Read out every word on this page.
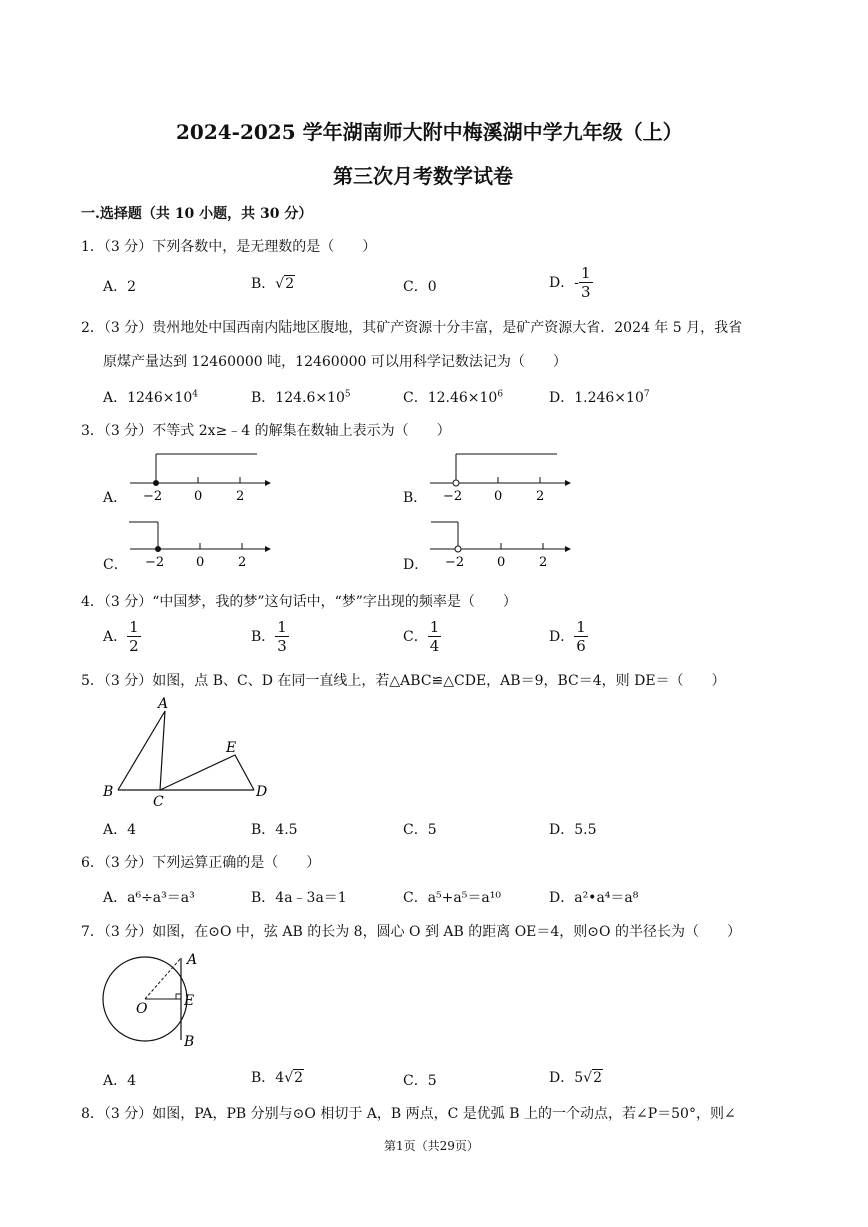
2024-2025 学年湖南师大附中梅溪湖中学九年级（上）
第三次月考数学试卷
一.选择题（共 10 小题，共 30 分）
1．（3 分）下列各数中，是无理数的是（　　）
A．2	B．√2	C．0	D．- $\frac{1}{3}$
2．（3 分）贵州地处中国西南内陆地区腹地，其矿产资源十分丰富，是矿产资源大省．2024 年 5 月，我省
原煤产量达到 12460000 吨，12460000 可以用科学记数法记为（　　）
A．$1246\times 10^4$	B．$124.6\times 10^5$	C．$12.46\times 10^6$	D．$1.246\times 10^7$
3．（3 分）不等式 2x≥﹣4 的解集在数轴上表示为（　　）
A． −2 0	2	B． −2 0	2
C． −2 0	2	D． −2	0	2
4．（3 分）“中国梦，我的梦”这句话中，“梦”字出现的频率是（　　）
A． $\frac{1}{2}$	B． $\frac{1}{3}$	C． $\frac{1}{4}$	D． $\frac{1}{6}$
5．（3 分）如图，点 B、C、D 在同一直线上，若△ABC≌△CDE，AB＝9，BC＝4，则 DE＝（　　）
A
B
C
D
E
A．4	B．4.5	C．5	D．5.5
6．（3 分）下列运算正确的是（　　）
A．a⁶÷a³＝a³	B．4a﹣3a＝1	C．a⁵+a⁵＝a¹⁰	D．a²•a⁴＝a⁸
7．（3 分）如图，在⊙O 中，弦 AB 的长为 8，圆心 O 到 AB 的距离 OE＝4，则⊙O 的半径长为（　　）
A
O	E
B
A．4	B．4√2	C．5	D．5√2
8．（3 分）如图，PA，PB 分别与⊙O 相切于 A，B 两点，C 是优弧 B 上的一个动点，若∠P＝50°，则∠
第1页（共29页）
